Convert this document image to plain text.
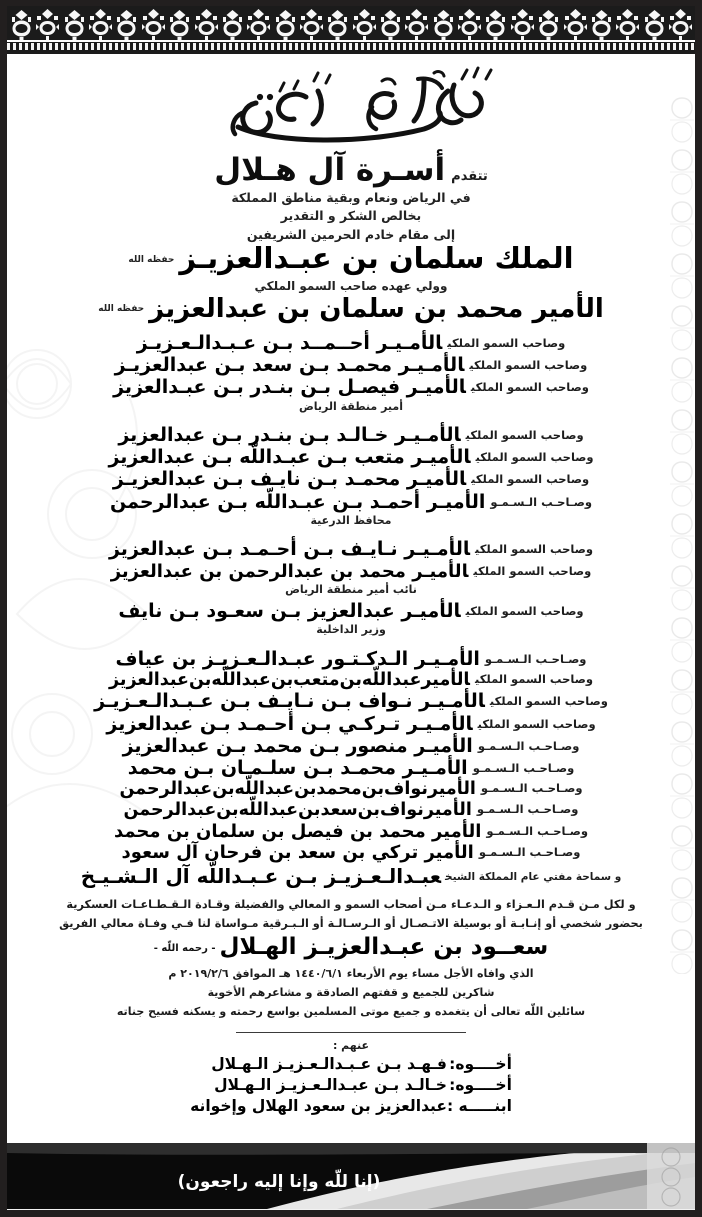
تتقدمأسـرة آل هـلال
في الرياض ونعام وبقية مناطق المملكة
بخالص الشكر و التقدير
إلى مقام خادم الحرمين الشريفين
الملك سلمان بن عبـدالعزيـز$^{حفظه الله}$
وولي عهده صاحب السمو الملكي
الأمير محمد بن سلمان بن عبدالعزيز$^{حفظه الله}$
وصاحب السمو الملكيالأمـيـر أحــمــد بـن عـبـدالـعـزيـز
وصاحب السمو الملكيالأمـيـر محمـد بـن سعد بـن عبدالعزيـز
وصاحب السمو الملكيالأميـر فيصـل بـن بنـدر بـن عبـدالعزيز
أمير منطقة الرياض
وصاحب السمو الملكيالأمـيـر خـالـد بـن بنـدر بـن عبدالعزيز
وصاحب السمو الملكيالأميـر متعب بـن عبـداللّه بـن عبدالعزيز
وصاحب السمو الملكيالأميـر محمـد بـن نايـف بـن عبدالعزيـز
وصـاحـب الـسـمـوالأميـر أحمـد بـن عبـداللّه بـن عبدالرحمن
محافظ الدرعية
وصاحب السمو الملكيالأمـيـر نـايـف بـن أحـمـد بـن عبدالعزيز
وصاحب السمو الملكيالأميـر محمد بن عبدالرحمن بن عبدالعزيز
نائب أمير منطقة الرياض
وصاحب السمو الملكيالأميـر عبدالعزيز بـن سعـود بـن نايف
وزير الداخلية
وصـاحـب الـسـمـوالأمـيـر الـدكـتـور عبـدالـعـزيـز بن عياف
وصاحب السمو الملكيالأميرعبداللّه‌بن‌متعب‌بن‌عبداللّه‌بن‌عبدالعزيز
وصاحب السمو الملكيالأمـيـر نـواف بـن نـايـف بـن عـبـدالـعـزيـز
وصاحب السمو الملكيالأمـيـر تـركـي بـن أحـمـد بـن عبدالعزيز
وصـاحـب الـسـمـوالأميـر منصور بـن محمد بـن عبدالعزيز
وصـاحـب الـسـمـوالأمـيـر محمـد بـن سلـمـان بـن محمد
وصـاحـب الـسـمـوالأميرنواف‌بن‌محمد‌بن‌عبداللّه‌بن‌عبدالرحمن
وصـاحـب الـسـمـوالأميرنواف‌بن‌سعد‌بن‌عبداللّه‌بن‌عبدالرحمن
وصـاحـب الـسـمـوالأمير محمد بن فيصل بن سلمان بن محمد
وصـاحـب الـسـمـوالأمير تركي بن سعد بن فرحان آل سعود
و سماحة مفتي عام المملكة الشيخعبـدالـعـزيـز بـن عـبـداللّه آل الـشـيـخ
و لكل مـن قـدم الـعـزاء و الـدعـاء مـن أصحاب السمو و المعالي والفضيلة وقـادة الـقـطـاعـات العسكرية
بحضور شخصي أو إنـابـة أو بوسيلة الاتـصـال أو الـرسـالـة أو الـبـرقية مـواساة لنا فـي وفـاة معالي الفريق
سعــود بن عبـدالعزيـز الهـلال- رحمه اللّه -
الذي وافاه الأجل مساء يوم الأربعاء ١٤٤٠/٦/١ هـ الموافق ٢٠١٩/٢/٦ م
شاكرين للجميع و قفتهم الصادقة و مشاعرهم الأخوية
سائلين اللّه تعالى أن يتغمده و جميع موتى المسلمين بواسع رحمته و يسكنه فسيح جناته
عنهم :
أخــــوه:	فـهـد بـن عـبـدالـعـزيـز الـهـلال
أخــــوه:	خـالـد بـن عبـدالـعـزيـز الـهـلال
ابنـــــه :	عبدالعزيز بن سعود الهلال وإخوانه
(إنا للّه وإنا إليه راجعون)
